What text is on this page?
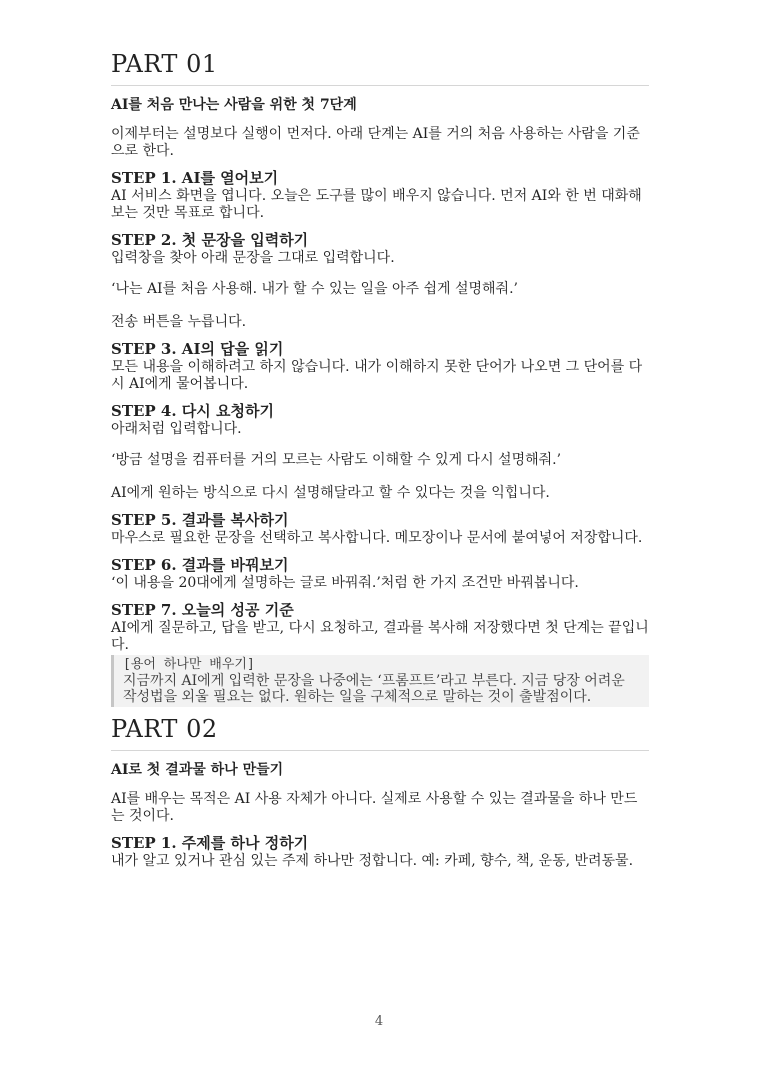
PART 01
AI를 처음 만나는 사람을 위한 첫 7단계

이제부터는 설명보다 실행이 먼저다. 아래 단계는 AI를 거의 처음 사용하는 사람을 기준으로 한다.

STEP 1. AI를 열어보기

AI 서비스 화면을 엽니다. 오늘은 도구를 많이 배우지 않습니다. 먼저 AI와 한 번 대화해보는 것만 목표로 합니다.

STEP 2. 첫 문장을 입력하기

입력창을 찾아 아래 문장을 그대로 입력합니다.

‘나는 AI를 처음 사용해. 내가 할 수 있는 일을 아주 쉽게 설명해줘.’

전송 버튼을 누릅니다.

STEP 3. AI의 답을 읽기

모든 내용을 이해하려고 하지 않습니다. 내가 이해하지 못한 단어가 나오면 그 단어를 다시 AI에게 물어봅니다.

STEP 4. 다시 요청하기

아래처럼 입력합니다.

‘방금 설명을 컴퓨터를 거의 모르는 사람도 이해할 수 있게 다시 설명해줘.’

AI에게 원하는 방식으로 다시 설명해달라고 할 수 있다는 것을 익힙니다.

STEP 5. 결과를 복사하기

마우스로 필요한 문장을 선택하고 복사합니다. 메모장이나 문서에 붙여넣어 저장합니다.

STEP 6. 결과를 바꿔보기

‘이 내용을 20대에게 설명하는 글로 바꿔줘.’처럼 한 가지 조건만 바꿔봅니다.

STEP 7. 오늘의 성공 기준

AI에게 질문하고, 답을 받고, 다시 요청하고, 결과를 복사해 저장했다면 첫 단계는 끝입니다.

[용어 하나만 배우기]
지금까지 AI에게 입력한 문장을 나중에는 ‘프롬프트’라고 부른다. 지금 당장 어려운 작성법을 외울 필요는 없다. 원하는 일을 구체적으로 말하는 것이 출발점이다.
PART 02
AI로 첫 결과물 하나 만들기

AI를 배우는 목적은 AI 사용 자체가 아니다. 실제로 사용할 수 있는 결과물을 하나 만드는 것이다.

STEP 1. 주제를 하나 정하기

내가 알고 있거나 관심 있는 주제 하나만 정합니다. 예: 카페, 향수, 책, 운동, 반려동물.

4
